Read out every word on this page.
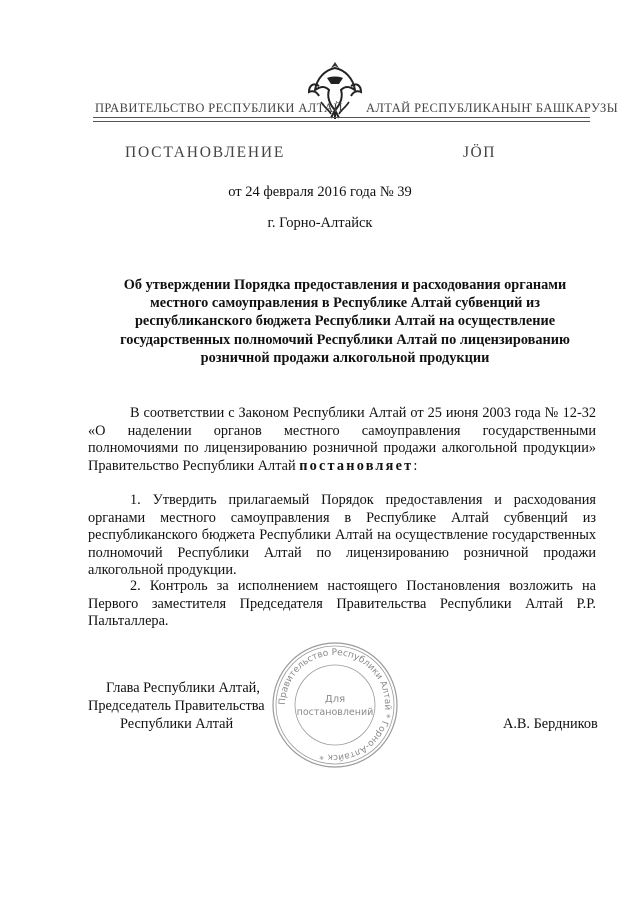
ПРАВИТЕЛЬСТВО РЕСПУБЛИКИ АЛТАЙ АЛТАЙ РЕСПУБЛИКАНЫҤ БАШКАРУЗЫ
ПОСТАНОВЛЕНИЕ	ЈӦП
от 24 февраля 2016 года № 39
г. Горно-Алтайск
Об утверждении Порядка предоставления и расходования органами
местного самоуправления в Республике Алтай субвенций из
республиканского бюджета Республики Алтай на осуществление
государственных полномочий Республики Алтай по лицензированию
розничной продажи алкогольной продукции
В соответствии с Законом Республики Алтай от 25 июня 2003 года № 12-32 «О наделении органов местного самоуправления государственными полномочиями по лицензированию розничной продажи алкогольной продукции» Правительство Республики Алтай постановляет:
1. Утвердить прилагаемый Порядок предоставления и расходования органами местного самоуправления в Республике Алтай субвенций из республиканского бюджета Республики Алтай на осуществление государственных полномочий Республики Алтай по лицензированию розничной продажи алкогольной продукции.
2. Контроль за исполнением настоящего Постановления возложить на Первого заместителя Председателя Правительства Республики Алтай Р.Р. Пальталлера.
Правительство Республики Алтай * Горно-Алтайск *
Для
постановлений
Глава Республики Алтай,
Председатель Правительства
Республики Алтай	А.В. Бердников
